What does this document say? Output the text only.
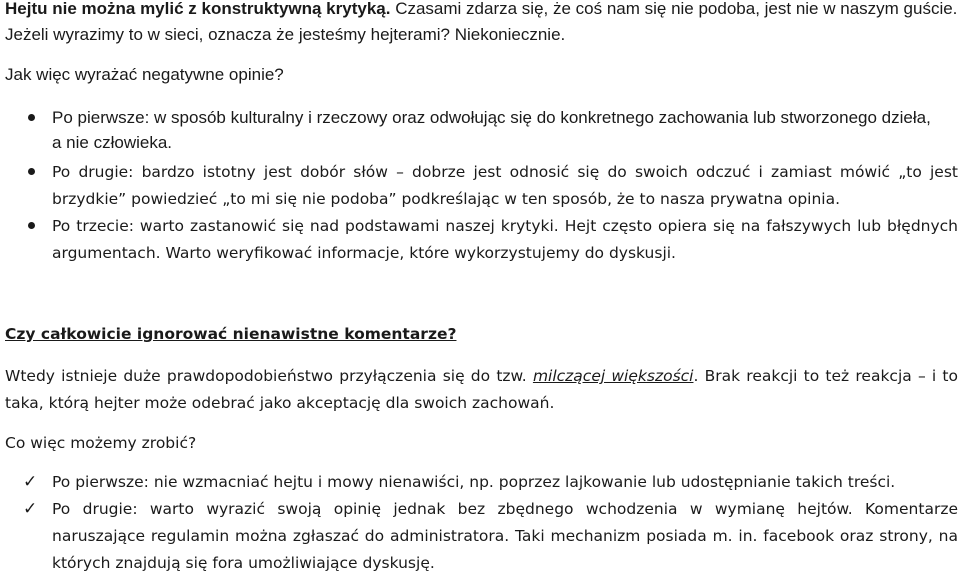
Hejtu nie można mylić z konstruktywną krytyką. Czasami zdarza się, że coś nam się nie podoba, jest nie w naszym guście.
Jeżeli wyrazimy to w sieci, oznacza że jesteśmy hejterami? Niekoniecznie.
Jak więc wyrażać negatywne opinie?
Po pierwsze: w sposób kulturalny i rzeczowy oraz odwołując się do konkretnego zachowania lub stworzonego dzieła,
a nie człowieka.
Po drugie: bardzo istotny jest dobór słów – dobrze jest odnosić się do swoich odczuć i zamiast mówić „to jest
brzydkie” powiedzieć „to mi się nie podoba” podkreślając w ten sposób, że to nasza prywatna opinia.
Po trzecie: warto zastanowić się nad podstawami naszej krytyki. Hejt często opiera się na fałszywych lub błędnych
argumentach. Warto weryfikować informacje, które wykorzystujemy do dyskusji.
Czy całkowicie ignorować nienawistne komentarze?
Wtedy istnieje duże prawdopodobieństwo przyłączenia się do tzw. milczącej większości. Brak reakcji to też reakcja – i to
taka, którą hejter może odebrać jako akceptację dla swoich zachowań.
Co więc możemy zrobić?
✓ Po pierwsze: nie wzmacniać hejtu i mowy nienawiści, np. poprzez lajkowanie lub udostępnianie takich treści.
✓ Po drugie: warto wyrazić swoją opinię jednak bez zbędnego wchodzenia w wymianę hejtów. Komentarze
naruszające regulamin można zgłaszać do administratora. Taki mechanizm posiada m. in. facebook oraz strony, na
których znajdują się fora umożliwiające dyskusję.
